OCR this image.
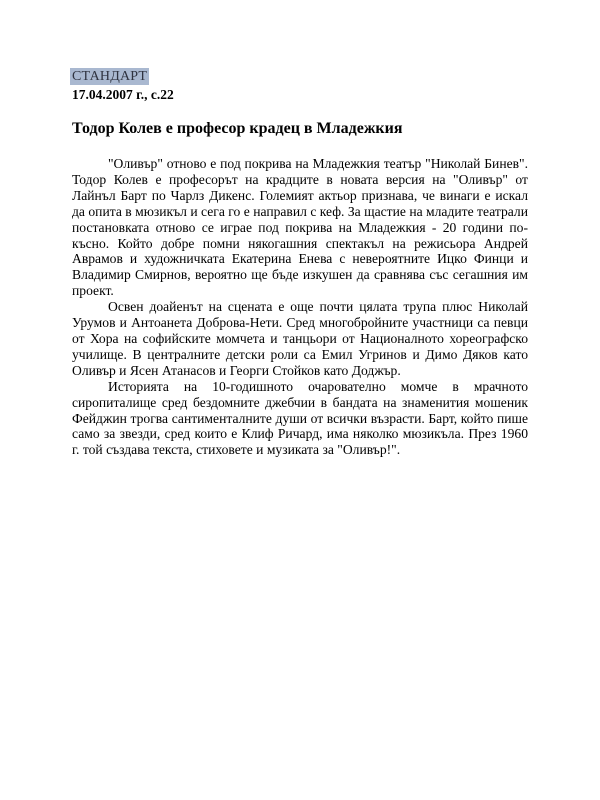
СТАНДАРТ
17.04.2007 г., с.22
Тодор Колев е професор крадец в Младежкия

"Оливър" отново е под покрива на Младежкия театър "Николай Бинев". Тодор Колев е професорът на крадците в новата версия на "Оливър" от Лайнъл Барт по Чарлз Дикенс. Големият актьор признава, че винаги е искал да опита в мюзикъл и сега го е направил с кеф. За щастие на младите театрали постановката отново се играе под покрива на Младежкия - 20 години по-късно. Който добре помни някогашния спектакъл на режисьора Андрей Аврамов и художничката Екатерина Енева с невероятните Ицко Финци и Владимир Смирнов, вероятно ще бъде изкушен да сравнява със сегашния им проект.

Освен доайенът на сцената е още почти цялата трупа плюс Николай Урумов и Антоанета Доброва-Нети. Сред многобройните участници са певци от Хора на софийските момчета и танцьори от Националното хореографско училище. В централните детски роли са Емил Угринов и Димо Дяков като Оливър и Ясен Атанасов и Георги Стойков като Доджър.

Историята на 10-годишното очарователно момче в мрачното сиропиталище сред бездомните джебчии в бандата на знаменития мошеник Фейджин трогва сантименталните души от всички възрасти. Барт, който пише само за звезди, сред които е Клиф Ричард, има няколко мюзикъла. През 1960 г. той създава текста, стиховете и музиката за "Оливър!".
